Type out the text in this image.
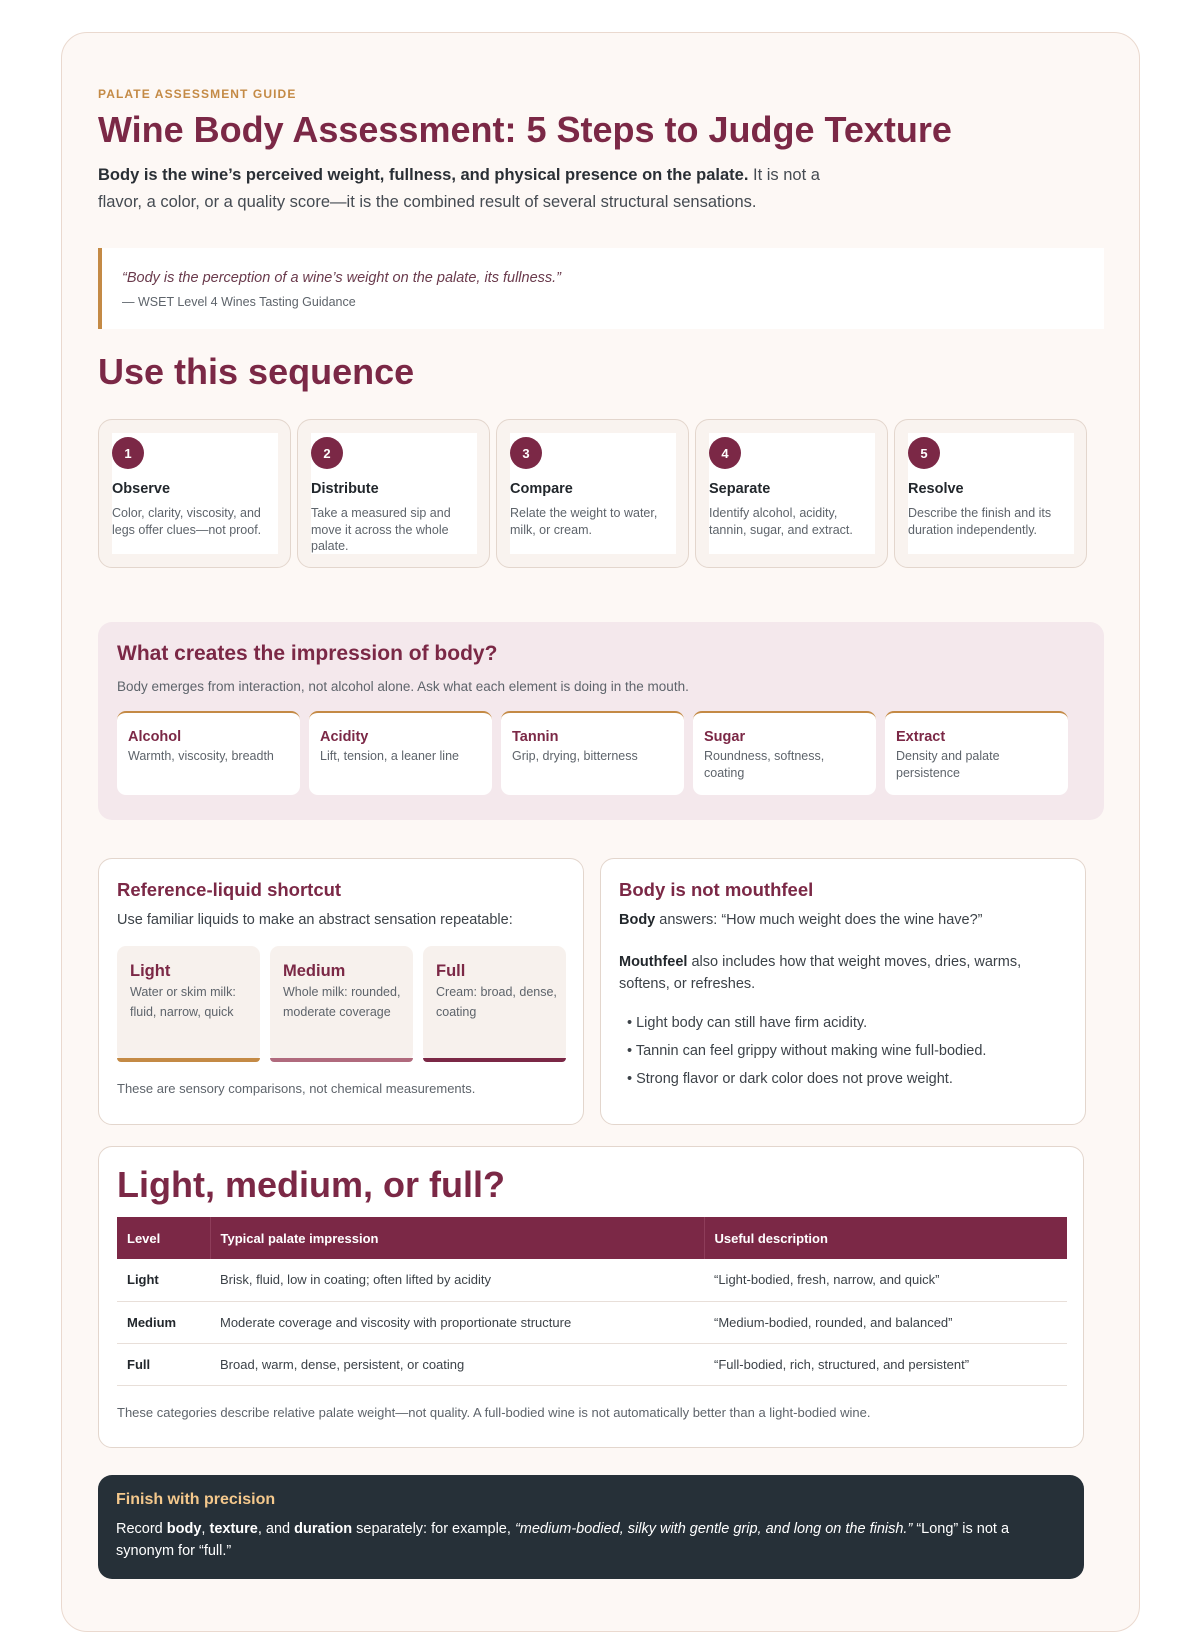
PALATE ASSESSMENT GUIDE
Wine Body Assessment: 5 Steps to Judge Texture
Body is the wine’s perceived weight, fullness, and physical presence on the palate. It is not a flavor, a color, or a quality score—it is the combined result of several structural sensations.
“Body is the perception of a wine’s weight on the palate, its fullness.”
— WSET Level 4 Wines Tasting Guidance
Use this sequence
1
Observe
Color, clarity, viscosity, and legs offer clues—not proof.
2
Distribute
Take a measured sip and move it across the whole palate.
3
Compare
Relate the weight to water, milk, or cream.
4
Separate
Identify alcohol, acidity, tannin, sugar, and extract.
5
Resolve
Describe the finish and its duration independently.
What creates the impression of body?
Body emerges from interaction, not alcohol alone. Ask what each element is doing in the mouth.
Alcohol
Warmth, viscosity, breadth
Acidity
Lift, tension, a leaner line
Tannin
Grip, drying, bitterness
Sugar
Roundness, softness, coating
Extract
Density and palate persistence
Reference-liquid shortcut
Use familiar liquids to make an abstract sensation repeatable:
Light
Water or skim milk: fluid, narrow, quick
Medium
Whole milk: rounded, moderate coverage
Full
Cream: broad, dense, coating
These are sensory comparisons, not chemical measurements.
Body is not mouthfeel
Body answers: “How much weight does the wine have?”
Mouthfeel also includes how that weight moves, dries, warms, softens, or refreshes.
• Light body can still have firm acidity.
• Tannin can feel grippy without making wine full-bodied.
• Strong flavor or dark color does not prove weight.
Light, medium, or full?
Level	Typical palate impression	Useful description
Light	Brisk, fluid, low in coating; often lifted by acidity	“Light-bodied, fresh, narrow, and quick”
Medium	Moderate coverage and viscosity with proportionate structure	“Medium-bodied, rounded, and balanced”
Full	Broad, warm, dense, persistent, or coating	“Full-bodied, rich, structured, and persistent”
These categories describe relative palate weight—not quality. A full-bodied wine is not automatically better than a light-bodied wine.
Finish with precision
Record body, texture, and duration separately: for example, “medium-bodied, silky with gentle grip, and long on the finish.” “Long” is not a synonym for “full.”
